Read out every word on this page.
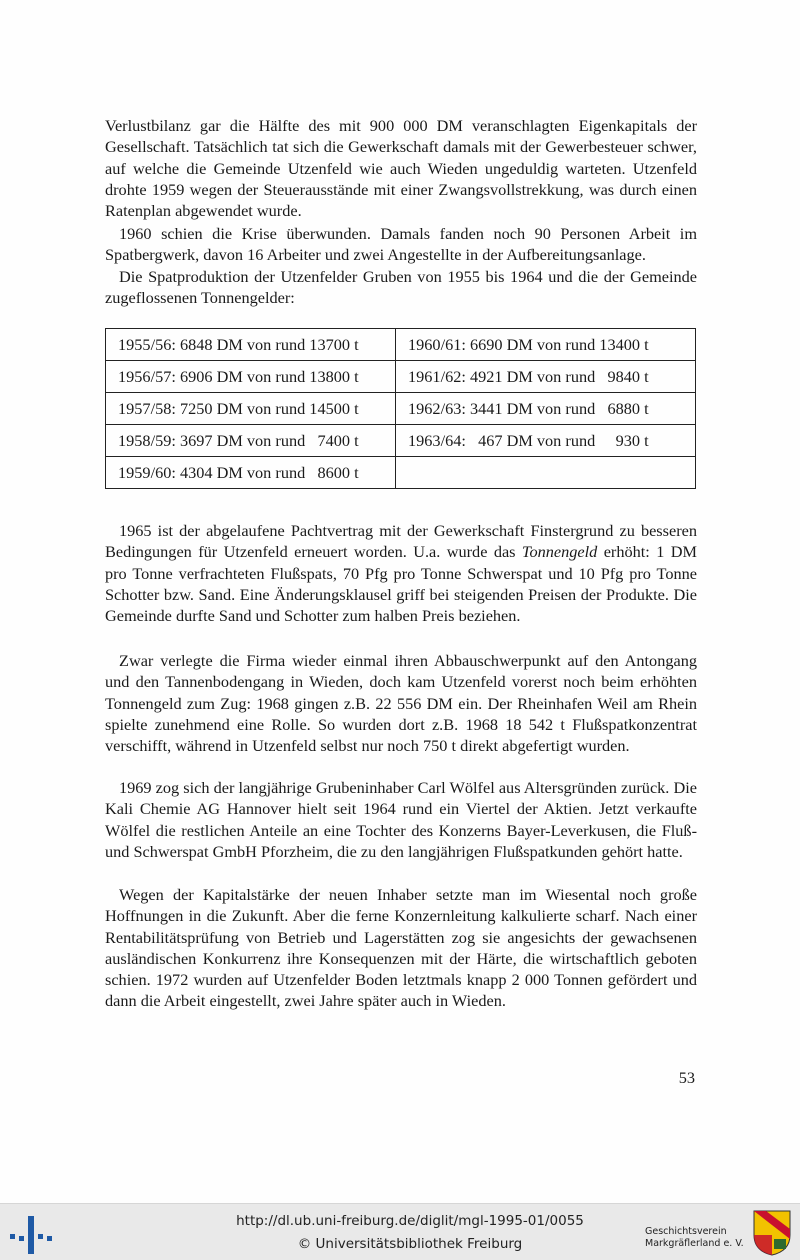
Verlustbilanz gar die Hälfte des mit 900 000 DM veranschlagten Eigenkapitals der Gesellschaft. Tatsächlich tat sich die Gewerkschaft damals mit der Gewerbesteuer schwer, auf welche die Gemeinde Utzenfeld wie auch Wieden ungeduldig warteten. Utzenfeld drohte 1959 wegen der Steuerausstände mit einer Zwangsvollstrekkung, was durch einen Ratenplan abgewendet wurde.

1960 schien die Krise überwunden. Damals fanden noch 90 Personen Arbeit im Spatbergwerk, davon 16 Arbeiter und zwei Angestellte in der Aufbereitungsanlage.

Die Spatproduktion der Utzenfelder Gruben von 1955 bis 1964 und die der Gemeinde zugeflossenen Tonnengelder:

1955/56: 6848 DM von rund 13700 t	1960/61: 6690 DM von rund 13400 t
1956/57: 6906 DM von rund 13800 t	1961/62: 4921 DM von rund   9840 t
1957/58: 7250 DM von rund 14500 t	1962/63: 3441 DM von rund   6880 t
1958/59: 3697 DM von rund   7400 t	1963/64:   467 DM von rund     930 t
1959/60: 4304 DM von rund   8600 t	

1965 ist der abgelaufene Pachtvertrag mit der Gewerkschaft Finstergrund zu besseren Bedingungen für Utzenfeld erneuert worden. U.a. wurde das Tonnengeld erhöht: 1 DM pro Tonne verfrachteten Flußspats, 70 Pfg pro Tonne Schwerspat und 10 Pfg pro Tonne Schotter bzw. Sand. Eine Änderungsklausel griff bei steigenden Preisen der Produkte. Die Gemeinde durfte Sand und Schotter zum halben Preis beziehen.

Zwar verlegte die Firma wieder einmal ihren Abbauschwerpunkt auf den Antongang und den Tannenbodengang in Wieden, doch kam Utzenfeld vorerst noch beim erhöhten Tonnengeld zum Zug: 1968 gingen z.B. 22 556 DM ein. Der Rheinhafen Weil am Rhein spielte zunehmend eine Rolle. So wurden dort z.B. 1968 18 542 t Flußspatkonzentrat verschifft, während in Utzenfeld selbst nur noch 750 t direkt abgefertigt wurden.

1969 zog sich der langjährige Grubeninhaber Carl Wölfel aus Altersgründen zurück. Die Kali Chemie AG Hannover hielt seit 1964 rund ein Viertel der Aktien. Jetzt verkaufte Wölfel die restlichen Anteile an eine Tochter des Konzerns Bayer-Leverkusen, die Fluß- und Schwerspat GmbH Pforzheim, die zu den langjährigen Flußspatkunden gehört hatte.

Wegen der Kapitalstärke der neuen Inhaber setzte man im Wiesental noch große Hoffnungen in die Zukunft. Aber die ferne Konzernleitung kalkulierte scharf. Nach einer Rentabilitätsprüfung von Betrieb und Lagerstätten zog sie angesichts der gewachsenen ausländischen Konkurrenz ihre Konsequenzen mit der Härte, die wirtschaftlich geboten schien. 1972 wurden auf Utzenfelder Boden letztmals knapp 2 000 Tonnen gefördert und dann die Arbeit eingestellt, zwei Jahre später auch in Wieden.

53
http://dl.ub.uni-freiburg.de/diglit/mgl-1995-01/0055
© Universitätsbibliothek Freiburg
Geschichtsverein
Markgräflerland e. V.
